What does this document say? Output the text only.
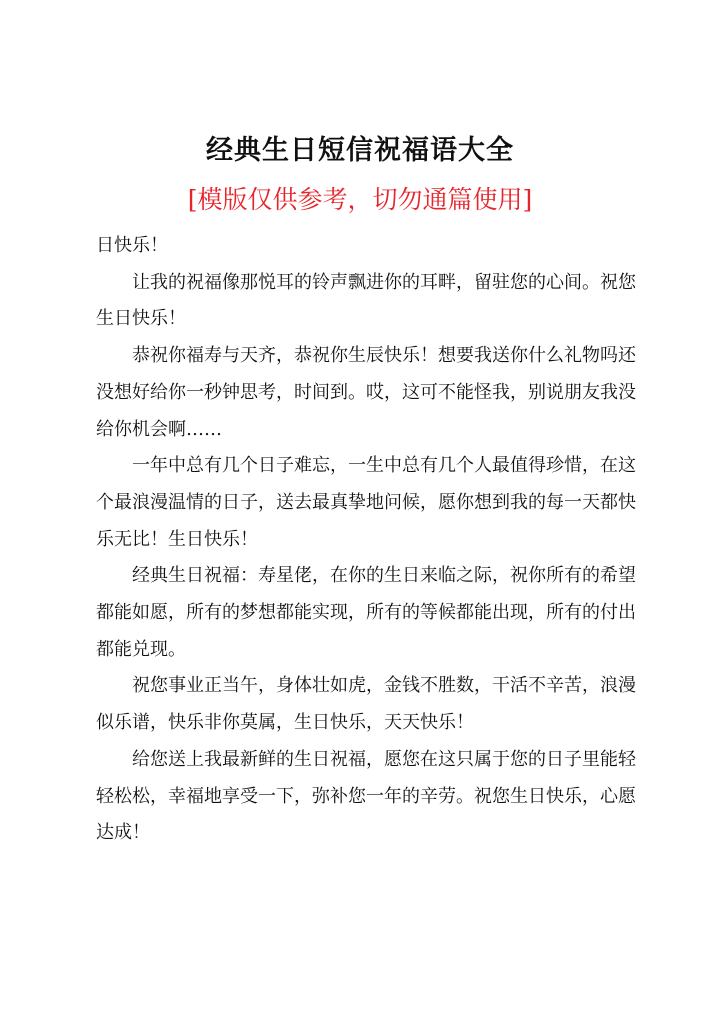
经典生日短信祝福语大全

[模版仅供参考，切勿通篇使用]

日快乐！

让我的祝福像那悦耳的铃声飘进你的耳畔，留驻您的心间。祝您生日快乐！

恭祝你福寿与天齐，恭祝你生辰快乐！想要我送你什么礼物吗还没想好给你一秒钟思考，时间到。哎，这可不能怪我，别说朋友我没给你机会啊……

一年中总有几个日子难忘，一生中总有几个人最值得珍惜，在这个最浪漫温情的日子，送去最真挚地问候，愿你想到我的每一天都快乐无比！生日快乐！

经典生日祝福：寿星佬，在你的生日来临之际，祝你所有的希望都能如愿，所有的梦想都能实现，所有的等候都能出现，所有的付出都能兑现。

祝您事业正当午，身体壮如虎，金钱不胜数，干活不辛苦，浪漫似乐谱，快乐非你莫属，生日快乐，天天快乐！

给您送上我最新鲜的生日祝福，愿您在这只属于您的日子里能轻轻松松，幸福地享受一下，弥补您一年的辛劳。祝您生日快乐，心愿达成！
